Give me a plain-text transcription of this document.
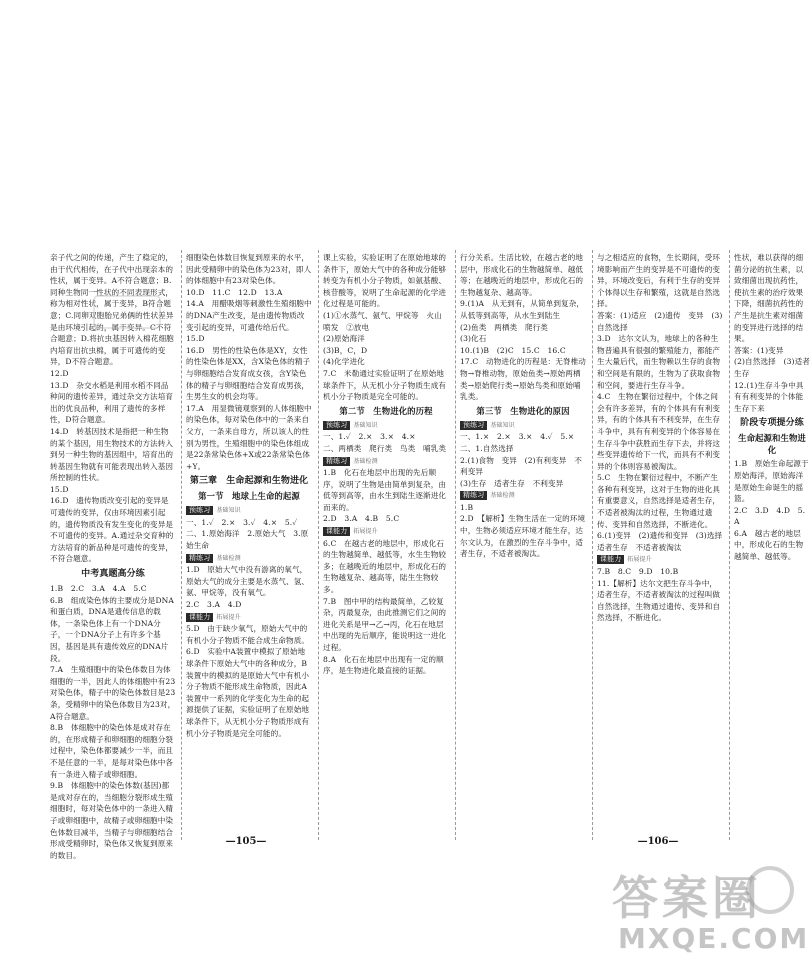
亲子代之间的传递，产生了稳定的，由于代代相传，在子代中出现亲本的性状，属于变异。A不符合题意；B.同种生物同一性状的不同表现形式，称为相对性状，属于变异，B符合题意；C.同卵双胞胎兄弟俩的性状差异是由环境引起的，属于变异。C不符合题意；D.将抗虫基因转入棉花细胞内培育出抗虫棉，属于可遗传的变异，D不符合题意。

12.D

13.D　杂交水稻是利用水稻不同品种间的遗传差异，通过杂交方法培育出的优良品种，利用了遗传的多样性，D符合题意。

14.D　转基因技术是指把一种生物的某个基因，用生物技术的方法转入到另一种生物的基因组中，培育出的转基因生物就有可能表现出转入基因所控制的性状。

15.D

16.D　遗传物质改变引起的变异是可遗传的变异，仅由环境因素引起的，遗传物质没有发生变化的变异是不可遗传的变异。A.通过杂交育种的方法培育的新品种是可遗传的变异，不符合题意。

中考真题高分练

1.B　2.C　3.A　4.A　5.C

6.B　组成染色体的主要成分是DNA和蛋白质，DNA是遗传信息的载体，一条染色体上有一个DNA分子，一个DNA分子上有许多个基因，基因是具有遗传效应的DNA片段。

7.A　生殖细胞中的染色体数目为体细胞的一半，因此人的体细胞中有23对染色体，精子中的染色体数目是23条，受精卵中的染色体数目为23对，A符合题意。

8.B　体细胞中的染色体是成对存在的，在形成精子和卵细胞的细胞分裂过程中，染色体都要减少一半，而且不是任意的一半，是每对染色体中各有一条进入精子或卵细胞。

9.B　体细胞中的染色体数(基因)都是成对存在的，当细胞分裂形成生殖细胞时，每对染色体中的一条进入精子或卵细胞中，故精子或卵细胞中染色体数目减半，当精子与卵细胞结合形成受精卵时，染色体又恢复到原来的数目。

细胞染色体数目恢复到原来的水平，因此受精卵中的染色体为23对，即人的体细胞中有23对染色体。

10.D　11.C　12.D　13.A

14.A　用醋吸烟等刺激性生殖细胞中的DNA产生改变，是由遗传物质改变引起的变异，可遗传给后代。

15.D

16.D　男性的性染色体是XY，女性的性染色体是XX，含X染色体的精子与卵细胞结合发育成女孩，含Y染色体的精子与卵细胞结合发育成男孩，生男生女的机会均等。

17.A　用显微镜观察到的人体细胞中的染色体，每对染色体中的一条来自父方，一条来自母方，所以该人的性别为男性，生殖细胞中的染色体组成是22条常染色体+X或22条常染色体+Y。

第三章　生命起源和生物进化
第一节　地球上生命的起源
预练习 基础知识

一、1.✓　2.×　3.✓　4.×　5.✓

二、1.原始海洋　2.原始大气　3.原始生命

精练习 基础检测

1.D　原始大气中没有游离的氧气，原始大气的成分主要是水蒸气、氢、氨、甲烷等，没有氧气。

2.C　3.A　4.D

课能力 拓展提升

5.D　由于缺少氧气，原始大气中的有机小分子物质不能合成生命物质。

6.D　实验中A装置中模拟了原始地球条件下原始大气中的各种成分，B装置中的模拟的是原始大气中有机小分子物质不能形成生命物质，因此A装置中一系列的化学变化为生命的起源提供了证据，实验证明了在原始地球条件下，从无机小分子物质形成有机小分子物质是完全可能的。

课上实验，实验证明了在原始地球的条件下，原始大气中的各种成分能够转变为有机小分子物质，如氨基酸、核苷酸等，说明了生命起源的化学进化过程是可能的。

(1)①水蒸气、氨气、甲烷等　火山喷发　②放电

(2)原始海洋

(3)B，C，D

(4)化学进化

7.C　米勒通过实验证明了在原始地球条件下，从无机小分子物质生成有机小分子物质是完全可能的。

第二节　生物进化的历程
预练习 基础知识

一、1.✓　2.×　3.×　4.×

二、两栖类　爬行类　鸟类　哺乳类

精练习 基础检测

1.B　化石在地层中出现的先后顺序，说明了生物是由简单到复杂，由低等到高等，由水生到陆生逐渐进化而来的。

2.D　3.A　4.B　5.C

课能力 拓展提升

6.C　在越古老的地层中，形成化石的生物越简单、越低等，水生生物较多；在越晚近的地层中，形成化石的生物越复杂、越高等，陆生生物较多。

7.B　图中甲的结构最简单，乙较复杂，丙最复杂，由此推测它们之间的进化关系是甲→乙→丙，化石在地层中出现的先后顺序，能说明这一进化过程。

8.A　化石在地层中出现有一定的顺序，是生物进化最直接的证据。

行分关系。生活比较，在越古老的地层中，形成化石的生物越简单、越低等；在越晚近的地层中，形成化石的生物越复杂、越高等。

9.(1)A　从无到有，从简单到复杂，从低等到高等，从水生到陆生

(2)鱼类　两栖类　爬行类

(3)化石

10.(1)B　(2)C　15.C　16.C

17.C　动物进化的历程是：无脊椎动物→脊椎动物，原始鱼类→原始两栖类→原始爬行类→原始鸟类和原始哺乳类。

第三节　生物进化的原因
预练习 基础知识

一、1.×　2.×　3.×　4.✓　5.×

二、1.自然选择

2.(1)食物　变异　(2)有利变异　不利变异

(3)生存　适者生存　不利变异

精练习 基础检测

1.B

2.D　【解析】生物生活在一定的环境中，生物必须适应环境才能生存，达尔文认为，在激烈的生存斗争中，适者生存，不适者被淘汰。

与之相适应的食物，生长期间，受环境影响而产生的变异是不可遗传的变异，环境改变后，有利于生存的变异个体得以生存和繁殖，这就是自然选择。

答案：(1)适应　(2)遗传　变异　(3)自然选择

3.D　达尔文认为，地球上的各种生物普遍具有很强的繁殖能力，都能产生大量后代，而生物赖以生存的食物和空间是有限的，生物为了获取食物和空间，要进行生存斗争。

4.C　生物在繁衍过程中，个体之间会有许多差异，有的个体具有有利变异，有的个体具有不利变异，在生存斗争中，具有有利变异的个体容易在生存斗争中获胜而生存下去，并将这些变异遗传给下一代，而具有不利变异的个体则容易被淘汰。

5.C　生物在繁衍过程中，不断产生各种有利变异，这对于生物的进化具有重要意义，自然选择是适者生存，不适者被淘汰的过程，生物通过遗传、变异和自然选择，不断进化。

6.(1)变异　(2)遗传和变异　(3)选择　适者生存　不适者被淘汰

课能力 拓展提升

7.B　8.C　9.D　10.B

11.【解析】达尔文把生存斗争中，适者生存，不适者被淘汰的过程叫做自然选择，生物通过遗传、变异和自然选择，不断进化。

性状，难以获得的细菌分泌的抗生素，以致细菌出现抗药性，使抗生素的治疗效果下降，细菌抗药性的产生是抗生素对细菌的变异进行选择的结果。

答案：(1)变异

(2)自然选择　(3)适者生存

12.(1)生存斗争中具有有利变异的个体能生存下来

阶段专项提分练
生命起源和生物进化

1.B　原始生命起源于原始海洋，原始海洋是原始生命诞生的摇篮。

2.C　3.D　4.D　5.A

6.A　越古老的地层中，形成化石的生物越简单、越低等。

—105—	—106—
答案圈
MXQE.COM
